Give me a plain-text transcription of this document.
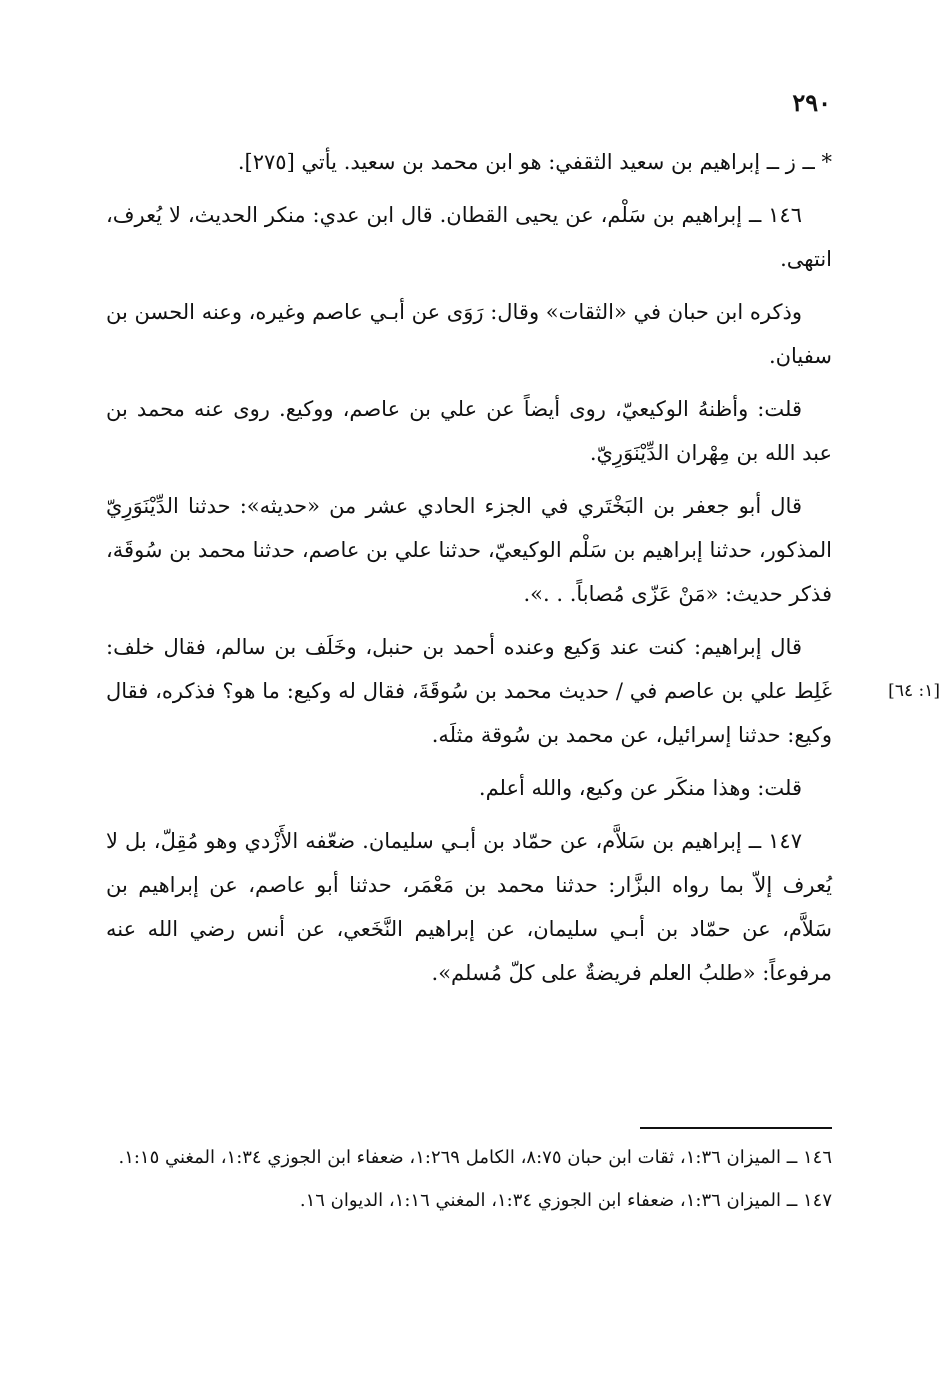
٢٩٠

* ــ ز ــ إبراهيم بن سعيد الثقفي: هو ابن محمد بن سعيد. يأتي [٢٧٥].

١٤٦ ــ إبراهيم بن سَلْم، عن يحيى القطان. قال ابن عدي: منكر الحديث، لا يُعرف، انتهى.

وذكره ابن حبان في «الثقات» وقال: رَوَى عن أبـي عاصم وغيره، وعنه الحسن بن سفيان.

قلت: وأظنهُ الوكيعيّ، روى أيضاً عن علي بن عاصم، ووكيع. روى عنه محمد بن عبد الله بن مِهْران الدِّيْنَوَرِيّ.

قال أبو جعفر بن البَخْتَري في الجزء الحادي عشر من «حديثه»: حدثنا الدِّيْنَوَرِيّ المذكور، حدثنا إبراهيم بن سَلْم الوكيعيّ، حدثنا علي بن عاصم، حدثنا محمد بن سُوقَة، فذكر حديث: «مَنْ عَزّى مُصاباً. . .».

قال إبراهيم: كنت عند وَكيع وعنده أحمد بن حنبل، وخَلَف بن سالم، فقال خلف: غَلِط علي بن عاصم في / حديث محمد بن سُوقَةَ، فقال له وكيع: ما هو؟ فذكره، فقال وكيع: حدثنا إسرائيل، عن محمد بن سُوقة مثلَه.

[١: ٦٤]

قلت: وهذا منكَر عن وكيع، والله أعلم.

١٤٧ ــ إبراهيم بن سَلاَّم، عن حمّاد بن أبـي سليمان. ضعّفه الأَزْدي وهو مُقِلّ، بل لا يُعرف إلاّ بما رواه البزَّار: حدثنا محمد بن مَعْمَر، حدثنا أبو عاصم، عن إبراهيم بن سَلاَّم، عن حمّاد بن أبـي سليمان، عن إبراهيم النَّخَعي، عن أنس رضي الله عنه مرفوعاً: «طلبُ العلم فريضةٌ على كلّ مُسلم».

١٤٦ ــ الميزان ١:٣٦، ثقات ابن حبان ٨:٧٥، الكامل ١:٢٦٩، ضعفاء ابن الجوزي ١:٣٤، المغني ١:١٥.

١٤٧ ــ الميزان ١:٣٦، ضعفاء ابن الجوزي ١:٣٤، المغني ١:١٦، الديوان ١٦.
